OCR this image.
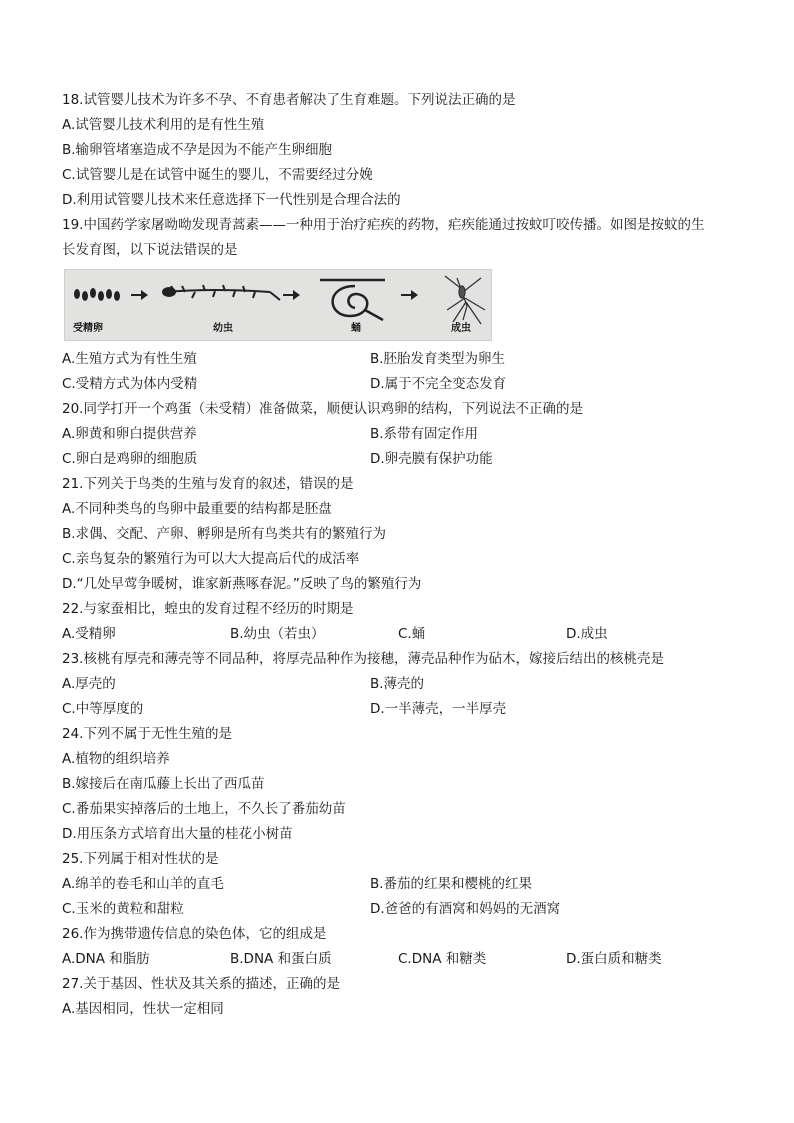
18.试管婴儿技术为许多不孕、不育患者解决了生育难题。下列说法正确的是
A.试管婴儿技术利用的是有性生殖
B.输卵管堵塞造成不孕是因为不能产生卵细胞
C.试管婴儿是在试管中诞生的婴儿，不需要经过分娩
D.利用试管婴儿技术来任意选择下一代性别是合理合法的
19.中国药学家屠呦呦发现青蒿素——一种用于治疗疟疾的药物，疟疾能通过按蚊叮咬传播。如图是按蚊的生
长发育图，以下说法错误的是
受精卵	幼虫	蛹	成虫
A.生殖方式为有性生殖	B.胚胎发育类型为卵生
C.受精方式为体内受精	D.属于不完全变态发育
20.同学打开一个鸡蛋（未受精）准备做菜，顺便认识鸡卵的结构，下列说法不正确的是
A.卵黄和卵白提供营养	B.系带有固定作用
C.卵白是鸡卵的细胞质	D.卵壳膜有保护功能
21.下列关于鸟类的生殖与发育的叙述，错误的是
A.不同种类鸟的鸟卵中最重要的结构都是胚盘
B.求偶、交配、产卵、孵卵是所有鸟类共有的繁殖行为
C.亲鸟复杂的繁殖行为可以大大提高后代的成活率
D.“几处早莺争暖树，谁家新燕啄春泥。”反映了鸟的繁殖行为
22.与家蚕相比，蝗虫的发育过程不经历的时期是
A.受精卵	B.幼虫（若虫）	C.蛹	D.成虫
23.核桃有厚壳和薄壳等不同品种，将厚壳品种作为接穗，薄壳品种作为砧木，嫁接后结出的核桃壳是
A.厚壳的	B.薄壳的
C.中等厚度的	D.一半薄壳，一半厚壳
24.下列不属于无性生殖的是
A.植物的组织培养
B.嫁接后在南瓜藤上长出了西瓜苗
C.番茄果实掉落后的土地上，不久长了番茄幼苗
D.用压条方式培育出大量的桂花小树苗
25.下列属于相对性状的是
A.绵羊的卷毛和山羊的直毛	B.番茄的红果和樱桃的红果
C.玉米的黄粒和甜粒	D.爸爸的有酒窝和妈妈的无酒窝
26.作为携带遗传信息的染色体，它的组成是
A.DNA 和脂肪	B.DNA 和蛋白质	C.DNA 和糖类	D.蛋白质和糖类
27.关于基因、性状及其关系的描述，正确的是
A.基因相同，性状一定相同
